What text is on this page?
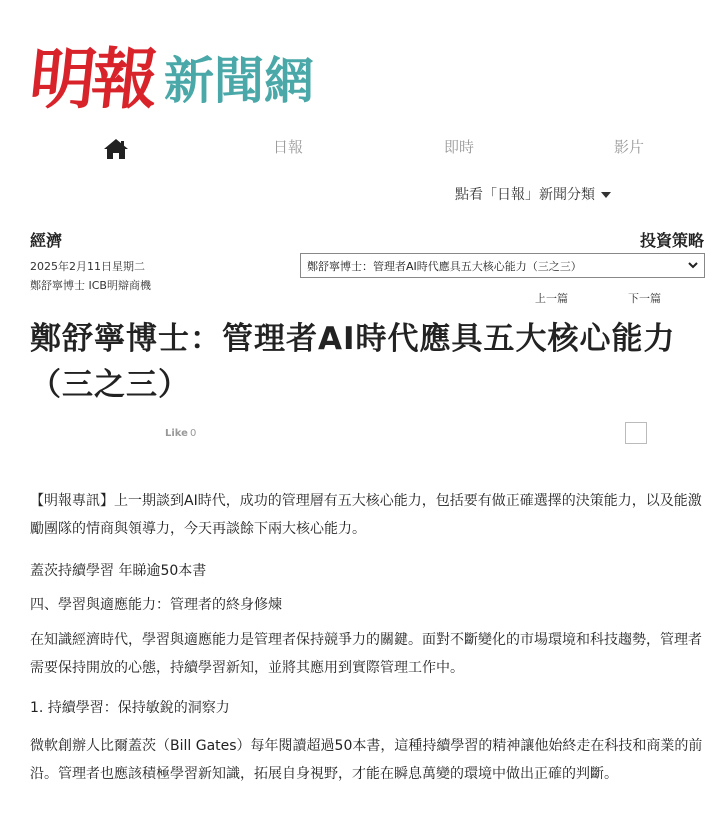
明報 新聞網
日報	即時	影片
點看「日報」新聞分類
經濟	投資策略
2025年2月11日星期二
鄭舒寧博士 ICB明辯商機
鄭舒寧博士：管理者AI時代應具五大核心能力（三之三）
上一篇	下一篇
鄭舒寧博士：管理者AI時代應具五大核心能力（三之三）
Like 0

【明報專訊】上一期談到AI時代，成功的管理層有五大核心能力，包括要有做正確選擇的決策能力，以及能激勵團隊的情商與領導力，今天再談餘下兩大核心能力。

蓋茨持續學習 年睇逾50本書

四、學習與適應能力：管理者的終身修煉

在知識經濟時代，學習與適應能力是管理者保持競爭力的關鍵。面對不斷變化的市場環境和科技趨勢，管理者需要保持開放的心態，持續學習新知，並將其應用到實際管理工作中。

1. 持續學習：保持敏銳的洞察力

微軟創辦人比爾蓋茨（Bill Gates）每年閱讀超過50本書，這種持續學習的精神讓他始終走在科技和商業的前沿。管理者也應該積極學習新知識，拓展自身視野，才能在瞬息萬變的環境中做出正確的判斷。
